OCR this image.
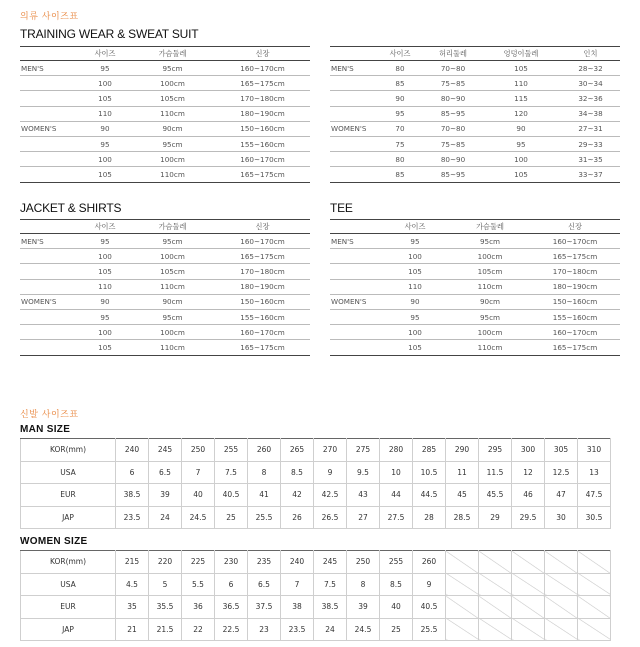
의류 사이즈표
TRAINING WEAR & SWEAT SUIT
	사이즈	가슴둘레	신장
MEN'S	95	95cm	160~170cm
	100	100cm	165~175cm
	105	105cm	170~180cm
	110	110cm	180~190cm
WOMEN'S	90	90cm	150~160cm
	95	95cm	155~160cm
	100	100cm	160~170cm
	105	110cm	165~175cm
	사이즈	허리둘레	엉덩이둘레	인치
MEN'S	80	70~80	105	28~32
	85	75~85	110	30~34
	90	80~90	115	32~36
	95	85~95	120	34~38
WOMEN'S	70	70~80	90	27~31
	75	75~85	95	29~33
	80	80~90	100	31~35
	85	85~95	105	33~37
JACKET & SHIRTS
	사이즈	가슴둘레	신장
MEN'S	95	95cm	160~170cm
	100	100cm	165~175cm
	105	105cm	170~180cm
	110	110cm	180~190cm
WOMEN'S	90	90cm	150~160cm
	95	95cm	155~160cm
	100	100cm	160~170cm
	105	110cm	165~175cm
TEE
	사이즈	가슴둘레	신장
MEN'S	95	95cm	160~170cm
	100	100cm	165~175cm
	105	105cm	170~180cm
	110	110cm	180~190cm
WOMEN'S	90	90cm	150~160cm
	95	95cm	155~160cm
	100	100cm	160~170cm
	105	110cm	165~175cm
신발 사이즈표
MAN SIZE
KOR(mm)	240	245	250	255	260	265	270	275	280	285	290	295	300	305	310
USA	6	6.5	7	7.5	8	8.5	9	9.5	10	10.5	11	11.5	12	12.5	13
EUR	38.5	39	40	40.5	41	42	42.5	43	44	44.5	45	45.5	46	47	47.5
JAP	23.5	24	24.5	25	25.5	26	26.5	27	27.5	28	28.5	29	29.5	30	30.5
WOMEN SIZE
KOR(mm)	215	220	225	230	235	240	245	250	255	260					
USA	4.5	5	5.5	6	6.5	7	7.5	8	8.5	9					
EUR	35	35.5	36	36.5	37.5	38	38.5	39	40	40.5					
JAP	21	21.5	22	22.5	23	23.5	24	24.5	25	25.5					
